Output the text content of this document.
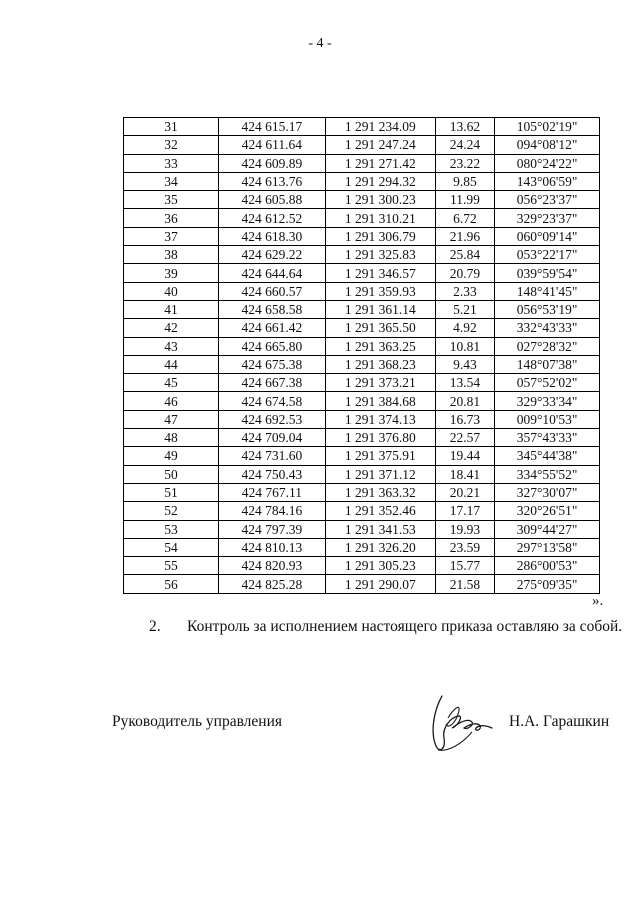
- 4 -
31	424 615.17	1 291 234.09	13.62	105°02'19"
32	424 611.64	1 291 247.24	24.24	094°08'12"
33	424 609.89	1 291 271.42	23.22	080°24'22"
34	424 613.76	1 291 294.32	9.85	143°06'59"
35	424 605.88	1 291 300.23	11.99	056°23'37"
36	424 612.52	1 291 310.21	6.72	329°23'37"
37	424 618.30	1 291 306.79	21.96	060°09'14"
38	424 629.22	1 291 325.83	25.84	053°22'17"
39	424 644.64	1 291 346.57	20.79	039°59'54"
40	424 660.57	1 291 359.93	2.33	148°41'45"
41	424 658.58	1 291 361.14	5.21	056°53'19"
42	424 661.42	1 291 365.50	4.92	332°43'33"
43	424 665.80	1 291 363.25	10.81	027°28'32"
44	424 675.38	1 291 368.23	9.43	148°07'38"
45	424 667.38	1 291 373.21	13.54	057°52'02"
46	424 674.58	1 291 384.68	20.81	329°33'34"
47	424 692.53	1 291 374.13	16.73	009°10'53"
48	424 709.04	1 291 376.80	22.57	357°43'33"
49	424 731.60	1 291 375.91	19.44	345°44'38"
50	424 750.43	1 291 371.12	18.41	334°55'52"
51	424 767.11	1 291 363.32	20.21	327°30'07"
52	424 784.16	1 291 352.46	17.17	320°26'51"
53	424 797.39	1 291 341.53	19.93	309°44'27"
54	424 810.13	1 291 326.20	23.59	297°13'58"
55	424 820.93	1 291 305.23	15.77	286°00'53"
56	424 825.28	1 291 290.07	21.58	275°09'35"
».
2. Контроль за исполнением настоящего приказа оставляю за собой.
Руководитель управления	Н.А. Гарашкин
